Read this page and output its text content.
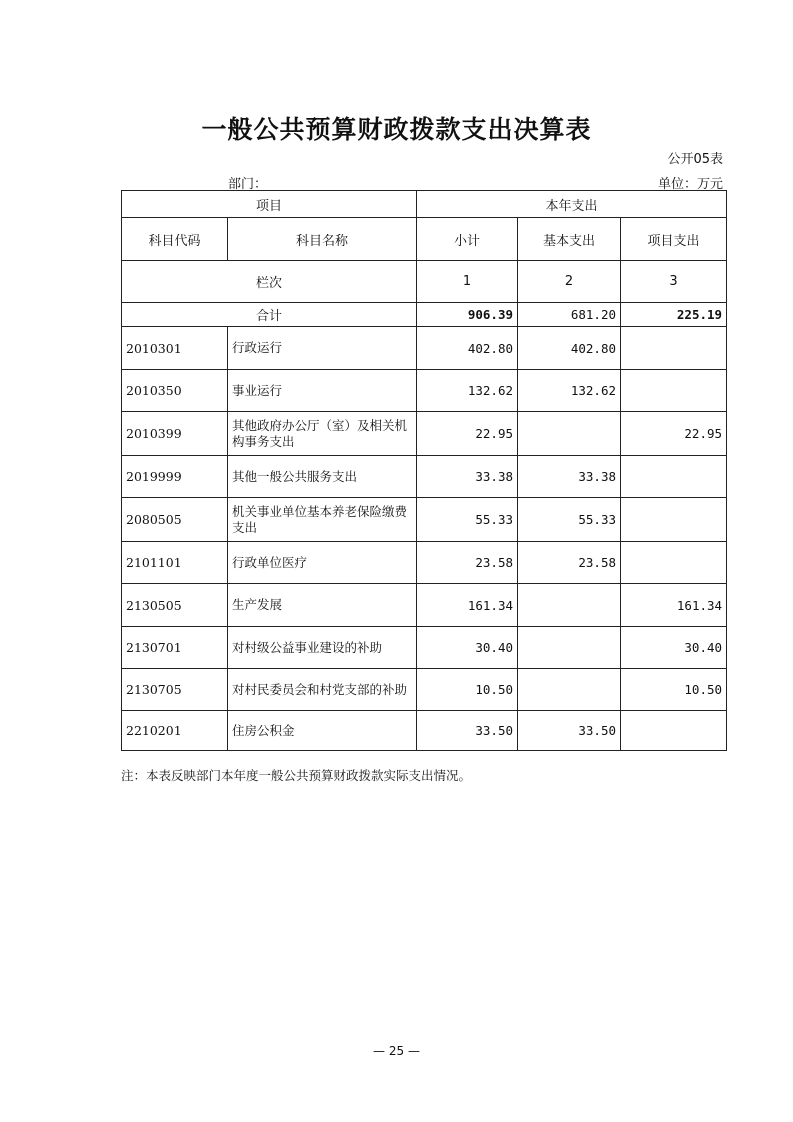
一般公共预算财政拨款支出决算表
公开05表
部门：	单位：万元
项目		本年支出		
科目代码	科目名称	小计	基本支出	项目支出
栏次		1	2	3
合计		906.39	681.20	225.19
2010301	行政运行	402.80	402.80	
2010350	事业运行	132.62	132.62	
2010399	其他政府办公厅（室）及相关机构事务支出	22.95		22.95
2019999	其他一般公共服务支出	33.38	33.38	
2080505	机关事业单位基本养老保险缴费支出	55.33	55.33	
2101101	行政单位医疗	23.58	23.58	
2130505	生产发展	161.34		161.34
2130701	对村级公益事业建设的补助	30.40		30.40
2130705	对村民委员会和村党支部的补助	10.50		10.50
2210201	住房公积金	33.50	33.50	
注：本表反映部门本年度一般公共预算财政拨款实际支出情况。
— 25 —
